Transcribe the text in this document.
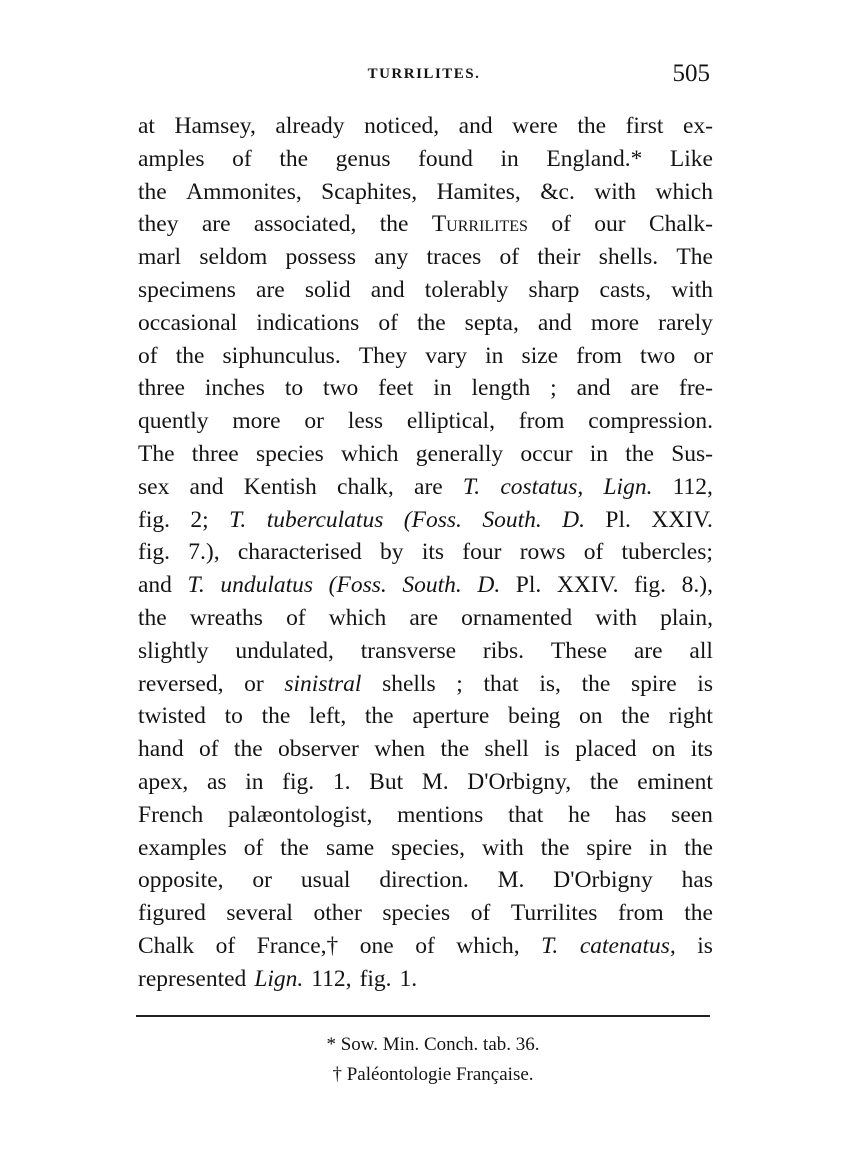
TURRILITES.	505
at Hamsey, already noticed, and were the first ex-
amples of the genus found in England.* Like
the Ammonites, Scaphites, Hamites, &c. with which
they are associated, the Turrilites of our Chalk-
marl seldom possess any traces of their shells. The
specimens are solid and tolerably sharp casts, with
occasional indications of the septa, and more rarely
of the siphunculus. They vary in size from two or
three inches to two feet in length ; and are fre-
quently more or less elliptical, from compression.
The three species which generally occur in the Sus-
sex and Kentish chalk, are T. costatus, Lign. 112,
fig. 2; T. tuberculatus (Foss. South. D. Pl. XXIV.
fig. 7.), characterised by its four rows of tubercles;
and T. undulatus (Foss. South. D. Pl. XXIV. fig. 8.),
the wreaths of which are ornamented with plain,
slightly undulated, transverse ribs. These are all
reversed, or sinistral shells ; that is, the spire is
twisted to the left, the aperture being on the right
hand of the observer when the shell is placed on its
apex, as in fig. 1. But M. D'Orbigny, the eminent
French palæontologist, mentions that he has seen
examples of the same species, with the spire in the
opposite, or usual direction. M. D'Orbigny has
figured several other species of Turrilites from the
Chalk of France,† one of which, T. catenatus, is
represented Lign. 112, fig. 1.
* Sow. Min. Conch. tab. 36.
† Paléontologie Française.
